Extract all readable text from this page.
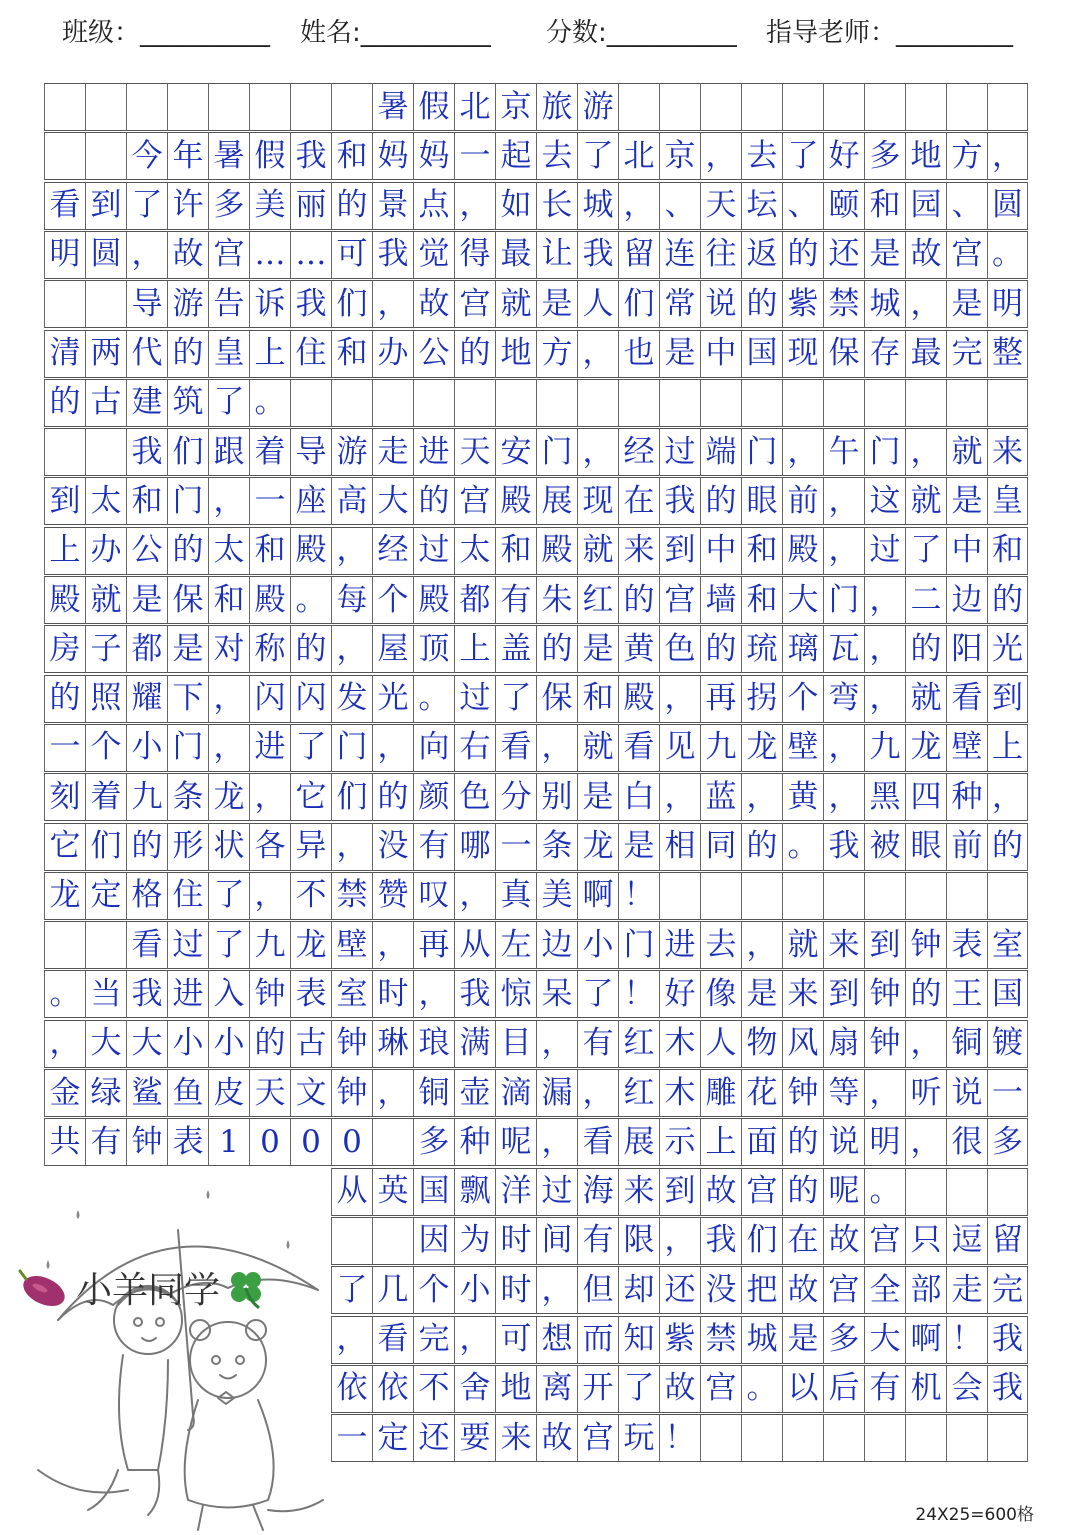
班级：__________ 姓名:__________ 分数:__________ 指导老师：_________
暑 假 北 京 旅 游
今 年 暑 假 我 和 妈 妈 一 起 去 了 北 京 ， 去 了 好 多 地 方 ，
看 到 了 许 多 美 丽 的 景 点 ， 如 长 城 ， 、 天 坛 、 颐 和 园 、 圆
明 圆 ， 故 宫 … … 可 我 觉 得 最 让 我 留 连 往 返 的 还 是 故 宫 。
导 游 告 诉 我 们 ， 故 宫 就 是 人 们 常 说 的 紫 禁 城 ， 是 明
清 两 代 的 皇 上 住 和 办 公 的 地 方 ， 也 是 中 国 现 保 存 最 完 整
的 古 建 筑 了 。
我 们 跟 着 导 游 走 进 天 安 门 ， 经 过 端 门 ， 午 门 ， 就 来
到 太 和 门 ， 一 座 高 大 的 宫 殿 展 现 在 我 的 眼 前 ， 这 就 是 皇
上 办 公 的 太 和 殿 ， 经 过 太 和 殿 就 来 到 中 和 殿 ， 过 了 中 和
殿 就 是 保 和 殿 。 每 个 殿 都 有 朱 红 的 宫 墙 和 大 门 ， 二 边 的
房 子 都 是 对 称 的 ， 屋 顶 上 盖 的 是 黄 色 的 琉 璃 瓦 ， 的 阳 光
的 照 耀 下 ， 闪 闪 发 光 。 过 了 保 和 殿 ， 再 拐 个 弯 ， 就 看 到
一 个 小 门 ， 进 了 门 ， 向 右 看 ， 就 看 见 九 龙 壁 ， 九 龙 壁 上
刻 着 九 条 龙 ， 它 们 的 颜 色 分 别 是 白 ， 蓝 ， 黄 ， 黑 四 种 ，
它 们 的 形 状 各 异 ， 没 有 哪 一 条 龙 是 相 同 的 。 我 被 眼 前 的
龙 定 格 住 了 ， 不 禁 赞 叹 ， 真 美 啊 ！
看 过 了 九 龙 壁 ， 再 从 左 边 小 门 进 去 ， 就 来 到 钟 表 室
。 当 我 进 入 钟 表 室 时 ， 我 惊 呆 了 ！ 好 像 是 来 到 钟 的 王 国
， 大 大 小 小 的 古 钟 琳 琅 满 目 ， 有 红 木 人 物 风 扇 钟 ， 铜 镀
金 绿 鲨 鱼 皮 天 文 钟 ， 铜 壶 滴 漏 ， 红 木 雕 花 钟 等 ， 听 说 一
共 有 钟 表 1 0 0 0	多 种 呢 ， 看 展 示 上 面 的 说 明 ， 很 多
从 英 国 飘 洋 过 海 来 到 故 宫 的 呢 。
因 为 时 间 有 限 ， 我 们 在 故 宫 只 逗 留
了 几 个 小 时 ， 但 却 还 没 把 故 宫 全 部 走 完
， 看 完 ， 可 想 而 知 紫 禁 城 是 多 大 啊 ！ 我
依 依 不 舍 地 离 开 了 故 宫 。 以 后 有 机 会 我
一 定 还 要 来 故 宫 玩 ！
小羊同学
24X25=600格
